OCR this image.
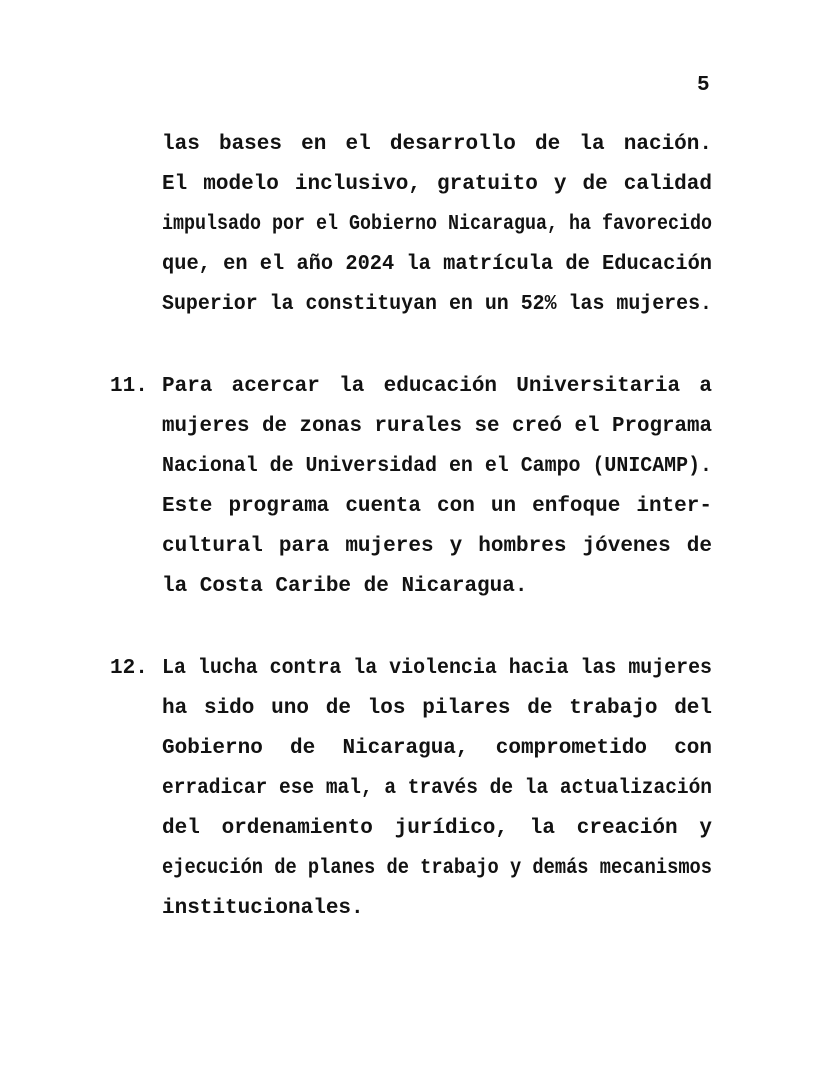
5
las bases en el desarrollo de la nación.
El modelo inclusivo, gratuito y de calidad
impulsado por el Gobierno Nicaragua, ha favorecido
que, en el año 2024 la matrícula de Educación
Superior la constituyan en un 52% las mujeres.
11. Para acercar la educación Universitaria a
mujeres de zonas rurales se creó el Programa
Nacional de Universidad en el Campo (UNICAMP).
Este programa cuenta con un enfoque inter-
cultural para mujeres y hombres jóvenes de
la Costa Caribe de Nicaragua.
12. La lucha contra la violencia hacia las mujeres
ha sido uno de los pilares de trabajo del
Gobierno de Nicaragua, comprometido con
erradicar ese mal, a través de la actualización
del ordenamiento jurídico, la creación y
ejecución de planes de trabajo y demás mecanismos
institucionales.
